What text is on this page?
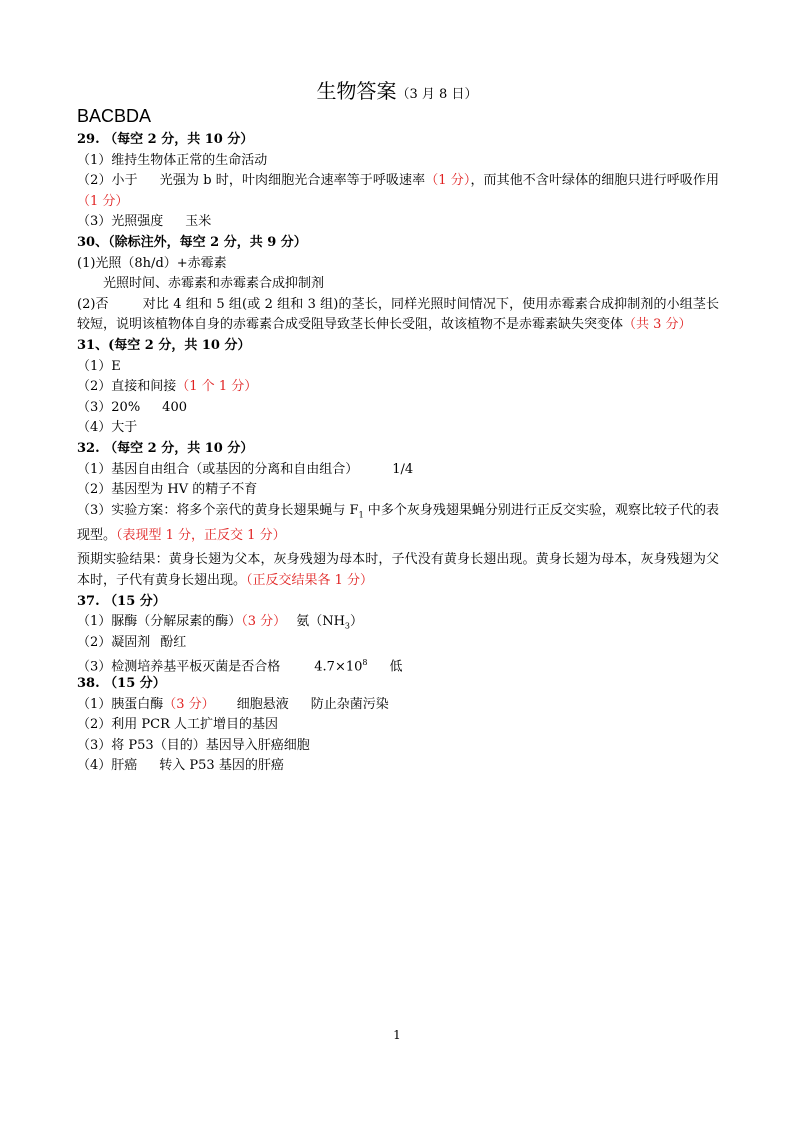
生物答案（3 月 8 日）
BACBDA
29. （每空 2 分，共 10 分）
（1）维持生物体正常的生命活动
（2）小于 光强为 b 时，叶肉细胞光合速率等于呼吸速率（1 分），而其他不含叶绿体的细胞只进行呼吸作用（1 分）
（3）光照强度 玉米
30、（除标注外，每空 2 分，共 9 分）
(1)光照（8h/d）+赤霉素
光照时间、赤霉素和赤霉素合成抑制剂
(2)否	对比 4 组和 5 组(或 2 组和 3 组)的茎长，同样光照时间情况下，使用赤霉素合成抑制剂的小组茎长较短，说明该植物体自身的赤霉素合成受阻导致茎长伸长受阻，故该植物不是赤霉素缺失突变体（共 3 分）
31、(每空 2 分，共 10 分）
（1）E
（2）直接和间接（1 个 1 分）
（3）20% 400
（4）大于
32. （每空 2 分，共 10 分）
（1）基因自由组合（或基因的分离和自由组合）	1/4
（2）基因型为 HV 的精子不育
（3）实验方案：将多个亲代的黄身长翅果蝇与 $F_1$ 中多个灰身残翅果蝇分别进行正反交实验，观察比较子代的表现型。（表现型 1 分，正反交 1 分）
预期实验结果：黄身长翅为父本，灰身残翅为母本时，子代没有黄身长翅出现。黄身长翅为母本，灰身残翅为父本时，子代有黄身长翅出现。（正反交结果各 1 分）
37. （15 分）
（1）脲酶（分解尿素的酶）（3 分） 氨$(NH_3)$
（2）凝固剂 酚红
（3）检测培养基平板灭菌是否合格	$4.7\times 10^8$ 低
38. （15 分）
（1）胰蛋白酶（3 分） 细胞悬液 防止杂菌污染
（2）利用 PCR 人工扩增目的基因
（3）将 P53（目的）基因导入肝癌细胞
（4）肝癌 转入 P53 基因的肝癌
1
